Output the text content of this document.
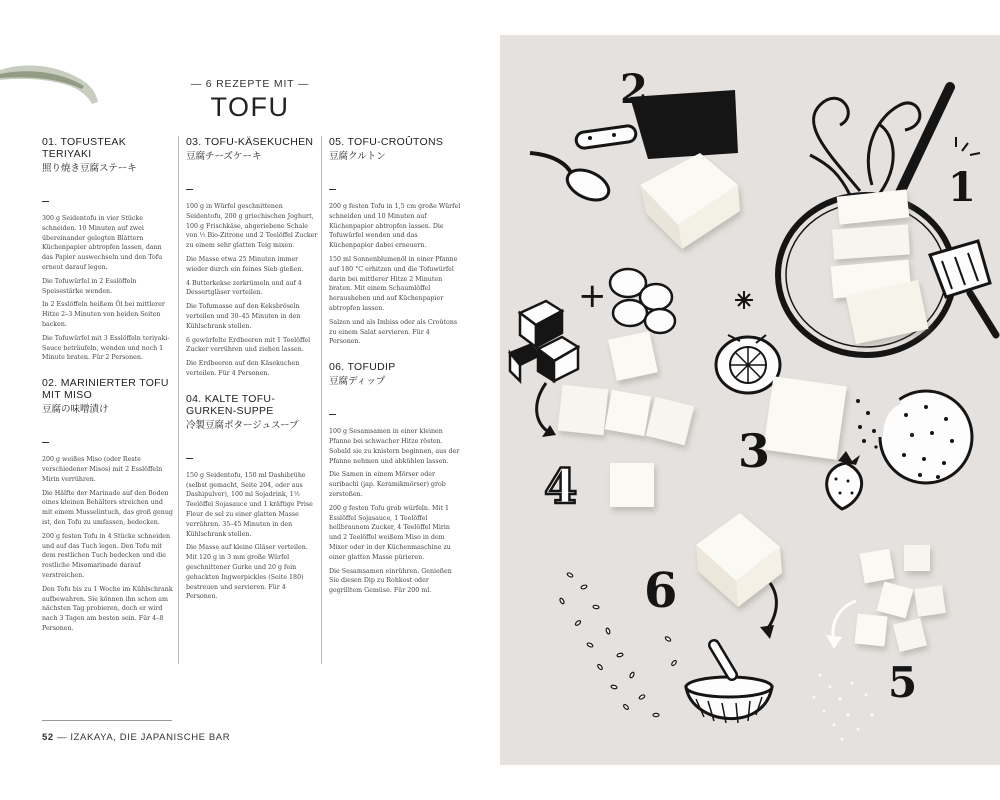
— 6 REZEPTE MIT —
TOFU
01. TOFUSTEAK TERIYAKI
照り焼き豆腐ステーキ

300 g Seidentofu in vier Stücke schneiden. 10 Minuten auf zwei übereinander gelegten Blättern Küchenpapier abtropfen lassen, dann das Papier auswechseln und den Tofu erneut darauf legen.

Die Tofuwürfel in 2 Esslöffeln Speisestärke wenden.

In 2 Esslöffeln heißem Öl bei mittlerer Hitze 2–3 Minuten von beiden Seiten backen.

Die Tofuwürfel mit 3 Esslöffeln teriyaki-Sauce beträufeln, wenden und noch 1 Minute braten. Für 2 Personen.

02. MARINIERTER TOFU MIT MISO
豆腐の味噌漬け

200 g weißes Miso (oder Reste verschiedener Misos) mit 2 Esslöffeln Mirin verrühren.

Die Hälfte der Marinade auf den Boden eines kleinen Behälters streichen und mit einem Musselintuch, das groß genug ist, den Tofu zu umfassen, bedecken.

200 g festen Tofu in 4 Stücke schneiden und auf das Tuch legen. Den Tofu mit dem restlichen Tuch bedecken und die restliche Misomarinade darauf verstreichen.

Den Tofu bis zu 1 Woche im Kühlschrank aufbewahren. Sie können ihn schon am nächsten Tag probieren, doch er wird nach 3 Tagen am besten sein. Für 4–8 Personen.

03. TOFU-KÄSEKUCHEN
豆腐チーズケーキ

100 g in Würfel geschnittenen Seidentofu, 200 g griechischen Joghurt, 100 g Frischkäse, abgeriebene Schale von ½ Bio-Zitrone und 2 Teelöffel Zucker zu einem sehr glatten Teig mixen.

Die Masse etwa 25 Minuten immer wieder durch ein feines Sieb gießen.

4 Butterkekse zerkrümeln und auf 4 Dessertgläser verteilen.

Die Tofumasse auf den Keksbröseln verteilen und 30–45 Minuten in den Kühlschrank stellen.

6 gewürfelte Erdbeeren mit 1 Teelöffel Zucker verrühren und ziehen lassen.

Die Erdbeeren auf den Käsekuchen verteilen. Für 4 Personen.

04. KALTE TOFU-GURKEN-SUPPE
冷製豆腐ポタージュスープ

150 g Seidentofu, 150 ml Dashibrühe (selbst gemacht, Seite 204, oder aus Dashipulver), 100 ml Sojadrink, 1½ Teelöffel Sojasauce und 1 kräftige Prise Fleur de sel zu einer glatten Masse verrühren. 35–45 Minuten in den Kühlschrank stellen.

Die Masse auf kleine Gläser verteilen. Mit 120 g in 3 mm große Würfel geschnittener Gurke und 20 g fein gehackten Ingwerpickles (Seite 180) bestreuen und servieren. Für 4 Personen.

05. TOFU-CROÛTONS
豆腐クルトン

200 g festen Tofu in 1,5 cm große Würfel schneiden und 10 Minuten auf Küchenpapier abtropfen lassen. Die Tofuwürfel wenden und das Küchenpapier dabei erneuern.

150 ml Sonnenblumenöl in einer Pfanne auf 180 °C erhitzen und die Tofuwürfel darin bei mittlerer Hitze 2 Minuten braten. Mit einem Schaumlöffel herausheben und auf Küchenpapier abtropfen lassen.

Salzen und als Imbiss oder als Croûtons zu einem Salat servieren. Für 4 Personen.

06. TOFUDIP
豆腐ディップ

100 g Sesamsamen in einer kleinen Pfanne bei schwacher Hitze rösten. Sobald sie zu knistern beginnen, aus der Pfanne nehmen und abkühlen lassen.

Die Samen in einem Mörser oder suribachi (jap. Keramikmörser) grob zerstoßen.

200 g festen Tofu grob würfeln. Mit 1 Esslöffel Sojasauce, 1 Teelöffel hellbraunem Zucker, 4 Teelöffel Mirin und 2 Teelöffel weißem Miso in dem Mixer oder in der Küchenmaschine zu einer glatten Masse pürieren.

Die Sesamsamen einrühren. Genießen Sie diesen Dip zu Rohkost oder gegrilltem Gemüse. Für 200 ml.

52 — IZAKAYA, DIE JAPANISCHE BAR
1
2
+
3
4
6
5
